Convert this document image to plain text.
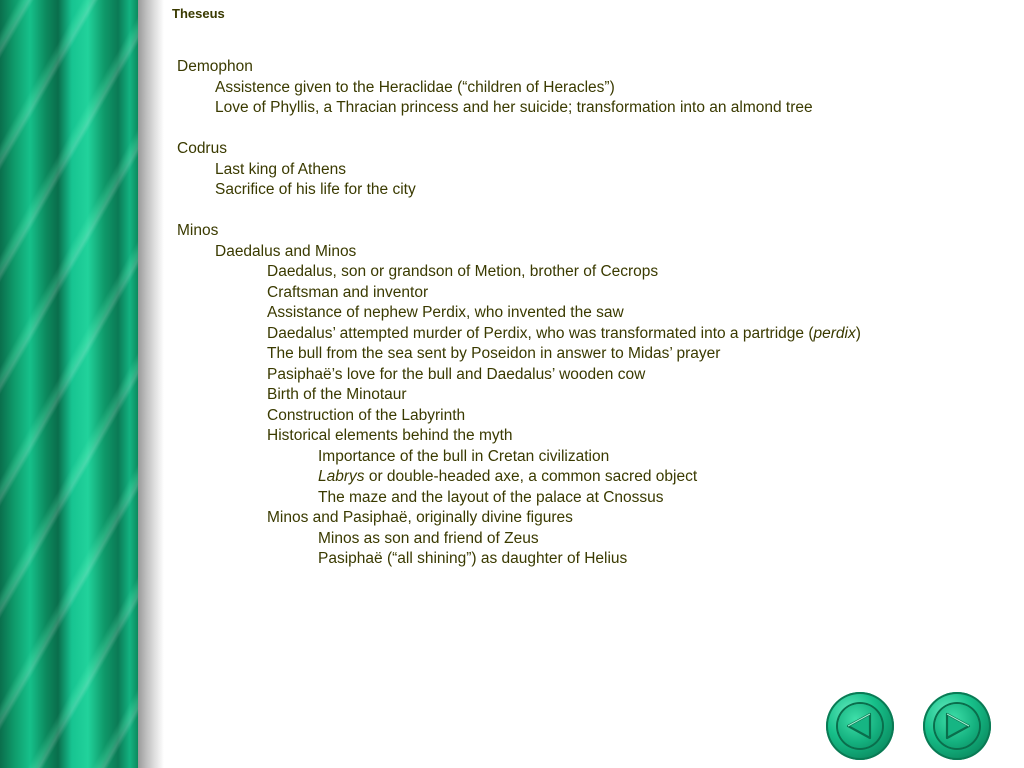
Theseus
Demophon
Assistence given to the Heraclidae (“children of Heracles”)
Love of Phyllis, a Thracian princess and her suicide; transformation into an almond tree
Codrus
Last king of Athens
Sacrifice of his life for the city
Minos
Daedalus and Minos
Daedalus, son or grandson of Metion, brother of Cecrops
Craftsman and inventor
Assistance of nephew Perdix, who invented the saw
Daedalus’ attempted murder of Perdix, who was transformated into a partridge (perdix)
The bull from the sea sent by Poseidon in answer to Midas’ prayer
Pasiphaë’s love for the bull and Daedalus’ wooden cow
Birth of the Minotaur
Construction of the Labyrinth
Historical elements behind the myth
Importance of the bull in Cretan civilization
Labrys or double-headed axe, a common sacred object
The maze and the layout of the palace at Cnossus
Minos and Pasiphaë, originally divine figures
Minos as son and friend of Zeus
Pasiphaë (“all shining”) as daughter of Helius
